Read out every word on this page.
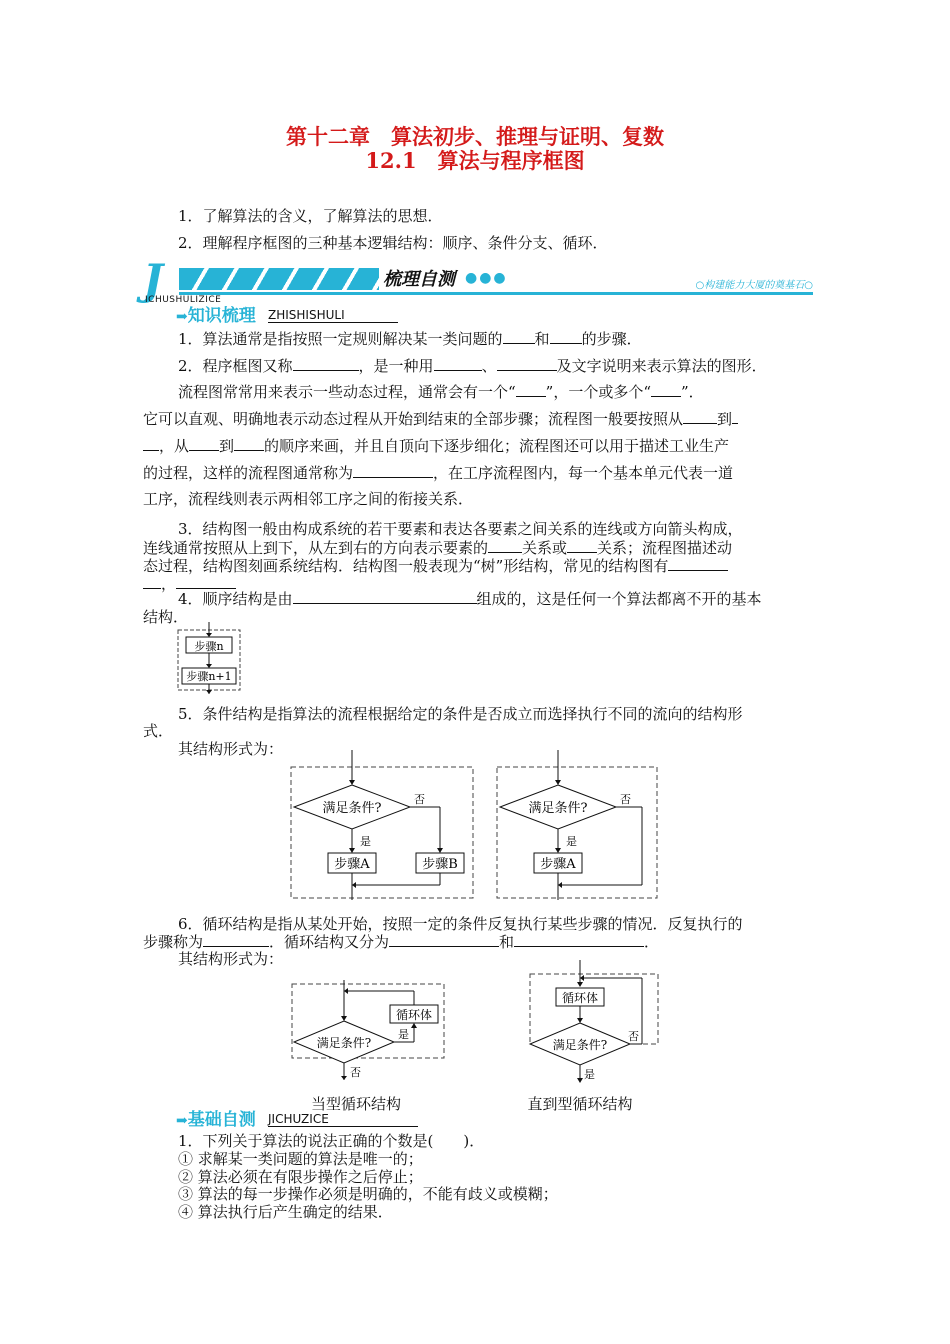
第十二章　算法初步、推理与证明、复数
12.1　算法与程序框图
1．了解算法的含义，了解算法的思想．
2．理解程序框图的三种基本逻辑结构：顺序、条件分支、循环．
J	梳理自测 ●●●	○构建能力大厦的奠基石○
ICHUSHULIZICE
➡知识梳理 ZHISHISHULI
1．算法通常是指按照一定规则解决某一类问题的 和 的步骤．
2．程序框图又称	，是一种用	、	及文字说明来表示算法的图形．
流程图常常用来表示一些动态过程，通常会有一个“ ”，一个或多个“ ”．
它可以直观、明确地表示动态过程从开始到结束的全部步骤；流程图一般要按照从 到
，从 到 的顺序来画，并且自顶向下逐步细化；流程图还可以用于描述工业生产
的过程，这样的流程图通常称为	，在工序流程图内，每一个基本单元代表一道
工序，流程线则表示两相邻工序之间的衔接关系．
3．结构图一般由构成系统的若干要素和表达各要素之间关系的连线或方向箭头构成，
连线通常按照从上到下，从左到右的方向表示要素的 关系或 关系；流程图描述动
态过程，结构图刻画系统结构．结构图一般表现为“树”形结构，常见的结构图有
，
4．顺序结构是由	组成的，这是任何一个算法都离不开的基本
结构．
步骤n
步骤n+1
5．条件结构是指算法的流程根据给定的条件是否成立而选择执行不同的流向的结构形
式．
其结构形式为：
满足条件?
否
是
步骤A	步骤B
满足条件?
否
是
步骤A
6．循环结构是指从某处开始，按照一定的条件反复执行某些步骤的情况．反复执行的
步骤称为	．循环结构又分为	和	．
其结构形式为：
满足条件?
是
循环体
否
当型循环结构
循环体
满足条件?
否
是
直到型循环结构
➡基础自测 JICHUZICE
1．下列关于算法的说法正确的个数是(　　)．
① 求解某一类问题的算法是唯一的；
② 算法必须在有限步操作之后停止；
③ 算法的每一步操作必须是明确的，不能有歧义或模糊；
④ 算法执行后产生确定的结果．
